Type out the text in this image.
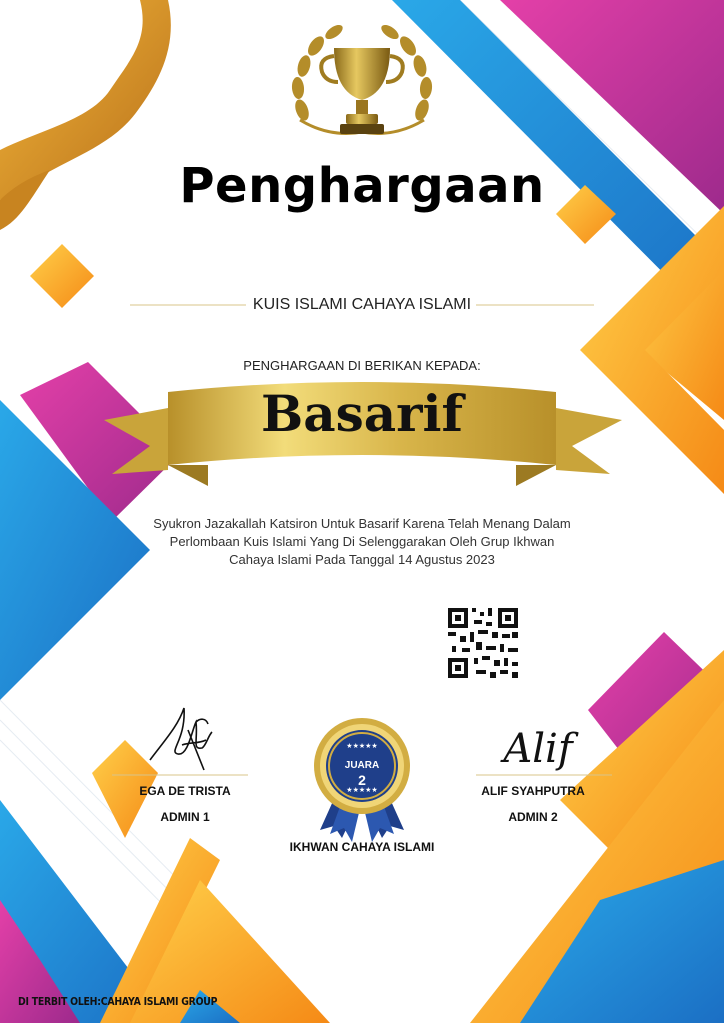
★★★★★
★★★★★
Penghargaan
KUIS ISLAMI CAHAYA ISLAMI
PENGHARGAAN DI BERIKAN KEPADA:
Basarif
Syukron Jazakallah Katsiron Untuk Basarif Karena Telah Menang Dalam Perlombaan Kuis Islami Yang Di Selenggarakan Oleh Grup Ikhwan Cahaya Islami Pada Tanggal 14 Agustus 2023
Alif
EGA DE TRISTA
ADMIN 1
ALIF SYAHPUTRA
ADMIN 2
JUARA
2
IKHWAN CAHAYA ISLAMI
DI TERBIT OLEH:CAHAYA ISLAMI GROUP
